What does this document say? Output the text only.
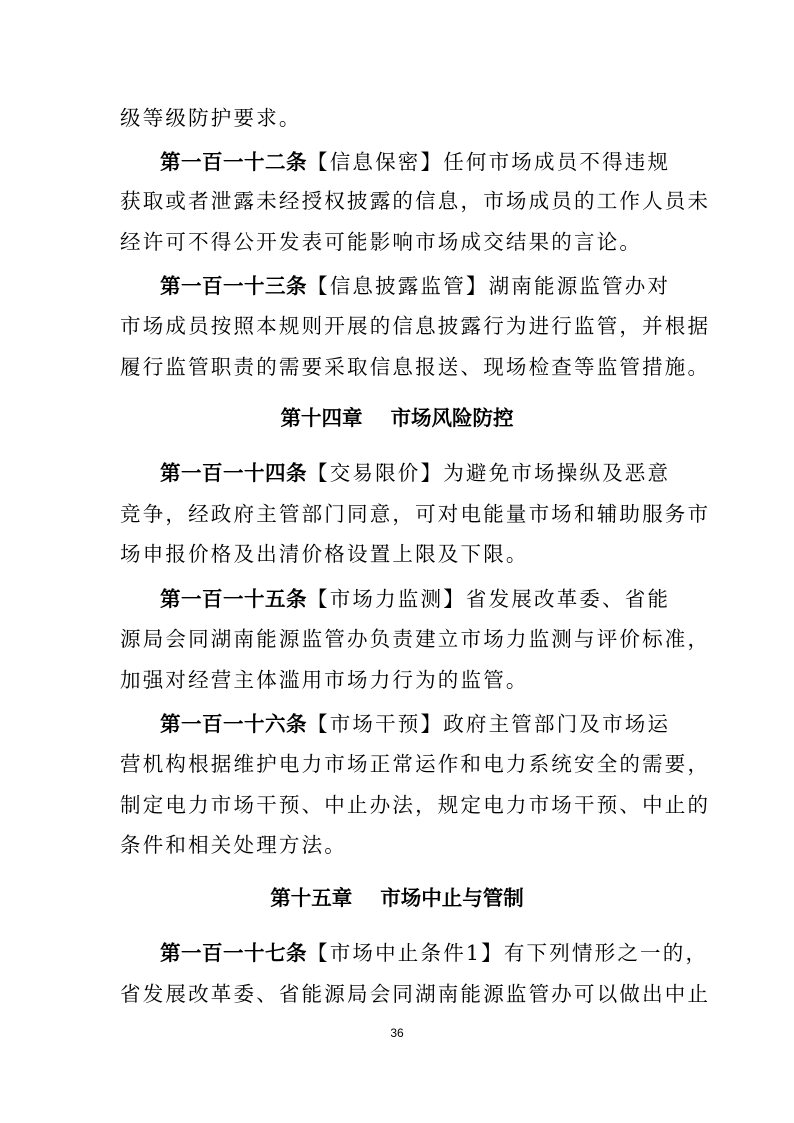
级等级防护要求。
第一百一十二条【信息保密】任何市场成员不得违规
获取或者泄露未经授权披露的信息，市场成员的工作人员未
经许可不得公开发表可能影响市场成交结果的言论。
第一百一十三条【信息披露监管】湖南能源监管办对
市场成员按照本规则开展的信息披露行为进行监管，并根据
履行监管职责的需要采取信息报送、现场检查等监管措施。
第十四章 市场风险防控
第一百一十四条【交易限价】为避免市场操纵及恶意
竞争，经政府主管部门同意，可对电能量市场和辅助服务市
场申报价格及出清价格设置上限及下限。
第一百一十五条【市场力监测】省发展改革委、省能
源局会同湖南能源监管办负责建立市场力监测与评价标准，
加强对经营主体滥用市场力行为的监管。
第一百一十六条【市场干预】政府主管部门及市场运
营机构根据维护电力市场正常运作和电力系统安全的需要，
制定电力市场干预、中止办法，规定电力市场干预、中止的
条件和相关处理方法。
第十五章 市场中止与管制
第一百一十七条【市场中止条件1】有下列情形之一的，
省发展改革委、省能源局会同湖南能源监管办可以做出中止
36
